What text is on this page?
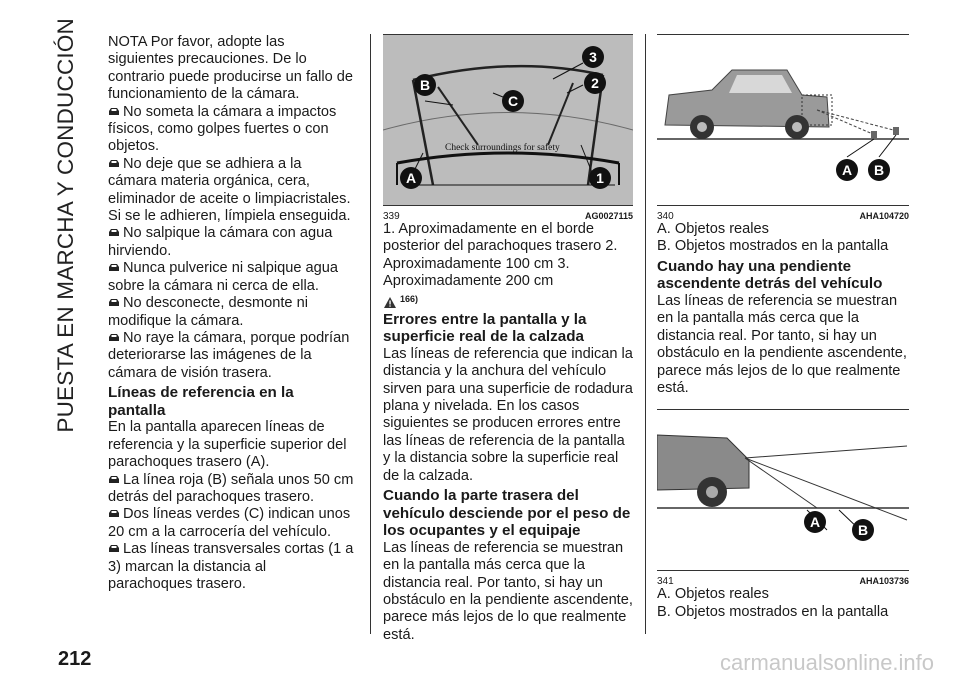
PUESTA EN MARCHA Y CONDUCCIÓN NOTA Por favor, adopte las siguientes precauciones. De lo contrario puede producirse un fallo de funcionamiento de la cámara.

No someta la cámara a impactos físicos, como golpes fuertes o con objetos.

No deje que se adhiera a la cámara materia orgánica, cera, eliminador de aceite o limpiacristales. Si se le adhieren, límpiela enseguida.

No salpique la cámara con agua hirviendo.

Nunca pulverice ni salpique agua sobre la cámara ni cerca de ella.

No desconecte, desmonte ni modifique la cámara.

No raye la cámara, porque podrían deteriorarse las imágenes de la cámara de visión trasera.

Líneas de referencia en la pantalla

En la pantalla aparecen líneas de referencia y la superficie superior del parachoques trasero (A).

La línea roja (B) señala unos 50 cm detrás del parachoques trasero.

Dos líneas verdes (C) indican unos 20 cm a la carrocería del vehículo.

Las líneas transversales cortas (1 a 3) marcan la distancia al parachoques trasero.

Check surroundings for safety
B
C
3
2
1
A
339	AG0027115

1. Aproximadamente en el borde posterior del parachoques trasero 2. Aproximadamente 100 cm 3. Aproximadamente 200 cm

166)

Errores entre la pantalla y la superficie real de la calzada

Las líneas de referencia que indican la distancia y la anchura del vehículo sirven para una superficie de rodadura plana y nivelada. En los casos siguientes se producen errores entre las líneas de referencia de la pantalla y la distancia sobre la superficie real de la calzada.

Cuando la parte trasera del vehículo desciende por el peso de los ocupantes y el equipaje

Las líneas de referencia se muestran en la pantalla más cerca que la distancia real. Por tanto, si hay un obstáculo en la pendiente ascendente, parece más lejos de lo que realmente está.

A B
340	AHA104720

A. Objetos reales

B. Objetos mostrados en la pantalla

Cuando hay una pendiente ascendente detrás del vehículo

Las líneas de referencia se muestran en la pantalla más cerca que la distancia real. Por tanto, si hay un obstáculo en la pendiente ascendente, parece más lejos de lo que realmente está.

A	B
341	AHA103736

A. Objetos reales

B. Objetos mostrados en la pantalla

212	carmanualsonline.info
